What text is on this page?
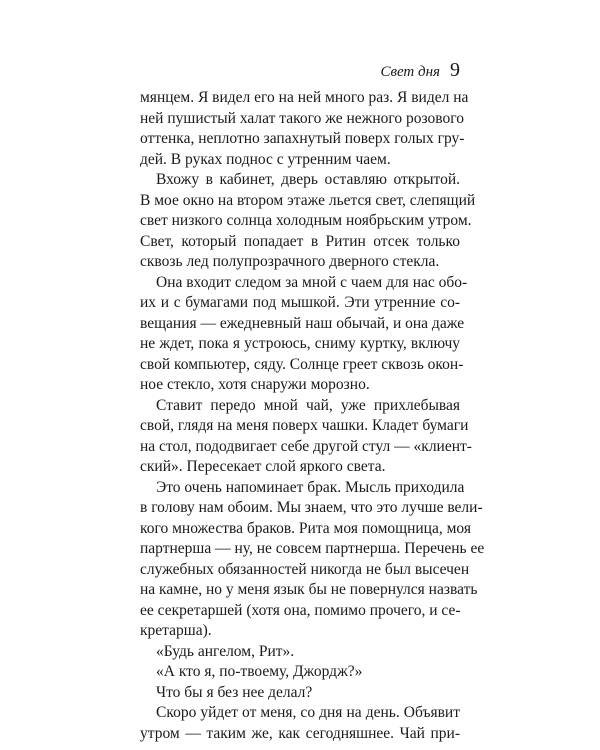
Свет дня 9
мянцем. Я видел его на ней много раз. Я видел на
ней пушистый халат такого же нежного розового
оттенка, неплотно запахнутый поверх голых гру-
дей. В руках поднос с утренним чаем.
Вхожу в кабинет, дверь оставляю открытой.
В мое окно на втором этаже льется свет, слепящий
свет низкого солнца холодным ноябрьским утром.
Свет, который попадает в Ритин отсек только
сквозь лед полупрозрачного дверного стекла.
Она входит следом за мной с чаем для нас обо-
их и с бумагами под мышкой. Эти утренние со-
вещания — ежедневный наш обычай, и она даже
не ждет, пока я устроюсь, сниму куртку, включу
свой компьютер, сяду. Солнце греет сквозь окон-
ное стекло, хотя снаружи морозно.
Ставит передо мной чай, уже прихлебывая
свой, глядя на меня поверх чашки. Кладет бумаги
на стол, пододвигает себе другой стул — «клиент-
ский». Пересекает слой яркого света.
Это очень напоминает брак. Мысль приходила
в голову нам обоим. Мы знаем, что это лучше вели-
кого множества браков. Рита моя помощница, моя
партнерша — ну, не совсем партнерша. Перечень ее
служебных обязанностей никогда не был высечен
на камне, но у меня язык бы не повернулся назвать
ее секретаршей (хотя она, помимо прочего, и се-
кретарша).
«Будь ангелом, Рит».
«А кто я, по-твоему, Джордж?»
Что бы я без нее делал?
Скоро уйдет от меня, со дня на день. Объявит
утром — таким же, как сегодняшнее. Чай при-
